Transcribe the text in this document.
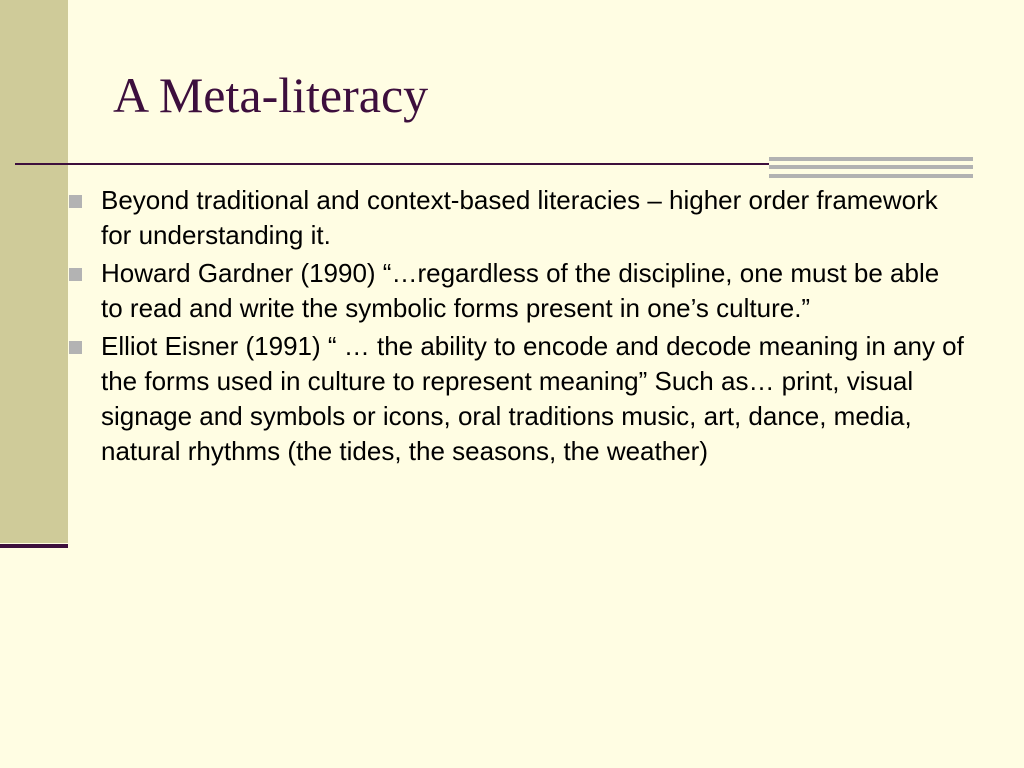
A Meta-literacy
Beyond traditional and context-based literacies – higher order framework for understanding it.
Howard Gardner (1990) “…regardless of the discipline, one must be able to read and write the symbolic forms present in one’s culture.”
Elliot Eisner (1991) “ … the ability to encode and decode meaning in any of the forms used in culture to represent meaning” Such as… print, visual signage and symbols or icons, oral traditions music, art, dance, media, natural rhythms (the tides, the seasons, the weather)
